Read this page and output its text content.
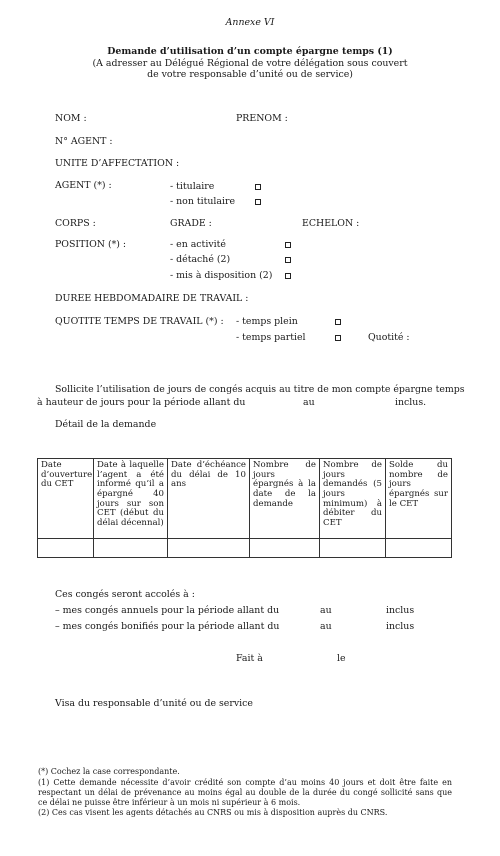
Annexe VI
Demande d’utilisation d’un compte épargne temps (1)
(A adresser au Délégué Régional de votre délégation sous couvert
de votre responsable d’unité ou de service)
NOM :	PRENOM :
N° AGENT :
UNITE D’AFFECTATION :
AGENT (*) :	- titulaire
- non titulaire
CORPS :	GRADE :	ECHELON :
POSITION (*) :	- en activité
- détaché (2)
- mis à disposition (2)
DUREE HEBDOMADAIRE DE TRAVAIL :
QUOTITE TEMPS DE TRAVAIL (*) : - temps plein
- temps partiel	Quotité :
Sollicite l’utilisation de jours de congés acquis au titre de mon compte épargne temps
à hauteur de jours pour la période allant du	au	inclus.
Détail de la demande
Date d’ouverture du CET	Date à laquelle l’agent a été informé qu’il a épargné 40 jours sur son CET (début du délai décennal)	Date d’échéance du délai de 10 ans	Nombre de jours épargnés à la date de la demande	Nombre de jours demandés (5 jours minimum) à débiter du CET	Solde du nombre de jours épargnés sur le CET

Ces congés seront accolés à :
– mes congés annuels pour la période allant du	au	inclus
– mes congés bonifiés pour la période allant du	au	inclus
Fait à	le
Visa du responsable d’unité ou de service
(*) Cochez la case correspondante.
(1) Cette demande nécessite d’avoir crédité son compte d’au moins 40 jours et doit être faite en respectant un délai de prévenance au moins égal au double de la durée du congé sollicité sans que ce délai ne puisse être inférieur à un mois ni supérieur à 6 mois.
(2) Ces cas visent les agents détachés au CNRS ou mis à disposition auprès du CNRS.
